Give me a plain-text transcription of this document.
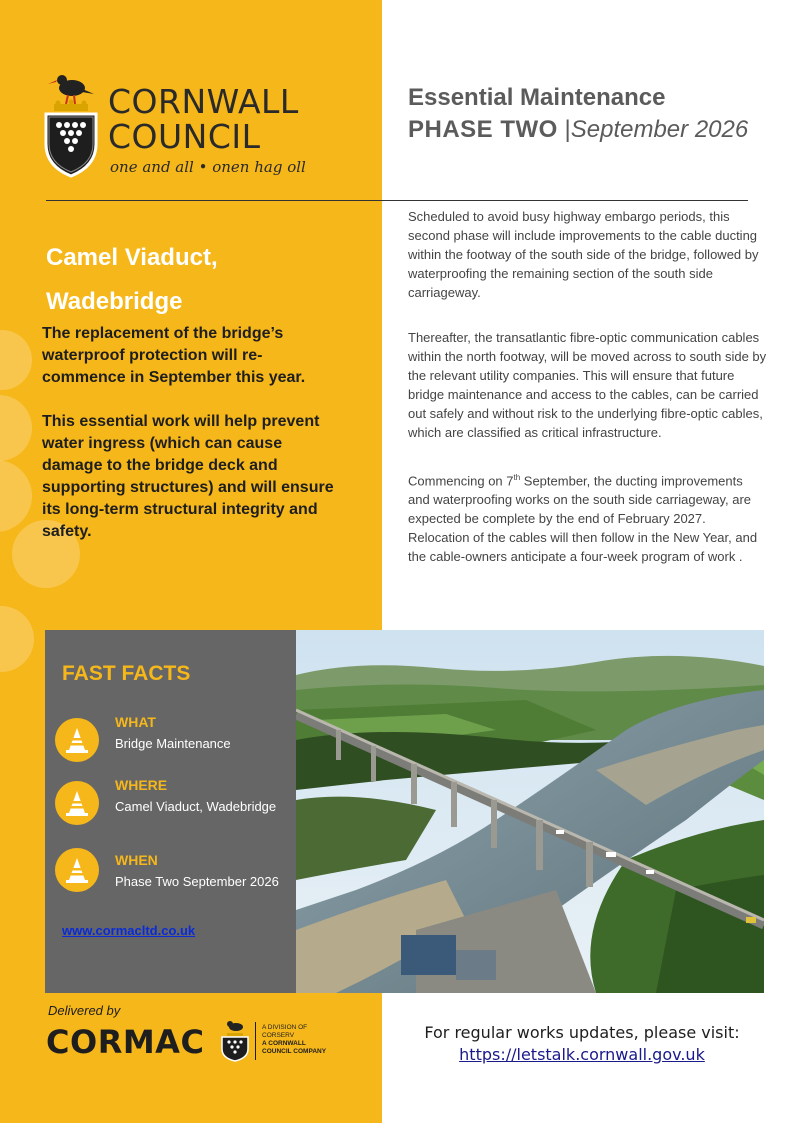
CORNWALL
COUNCIL
one and all • onen hag oll
Essential Maintenance
PHASE TWO |September 2026
Camel Viaduct,
Wadebridge

The replacement of the bridge’s waterproof protection will re-commence in September this year.

This essential work will help prevent water ingress (which can cause damage to the bridge deck and supporting structures) and will ensure its long-term structural integrity and safety.

Scheduled to avoid busy highway embargo periods, this second phase will include improvements to the cable ducting within the footway of the south side of the bridge, followed by waterproofing the remaining section of the south side carriageway.

Thereafter, the transatlantic fibre-optic communication cables within the north footway, will be moved across to south side by the relevant utility companies. This will ensure that future bridge maintenance and access to the cables, can be carried out safely and without risk to the underlying fibre-optic cables, which are classified as critical infrastructure.

Commencing on 7th September, the ducting improvements and waterproofing works on the south side carriageway, are expected be complete by the end of February 2027. Relocation of the cables will then follow in the New Year, and the cable-owners anticipate a four-week program of work .

FAST FACTS
WHAT
Bridge Maintenance
WHERE
Camel Viaduct, Wadebridge
WHEN
Phase Two September 2026
www.cormacltd.co.uk
Delivered by
CORMAC	A DIVISION OF
CORSERV
A CORNWALL
COUNCIL COMPANY
For regular works updates, please visit:
https://letstalk.cornwall.gov.uk
